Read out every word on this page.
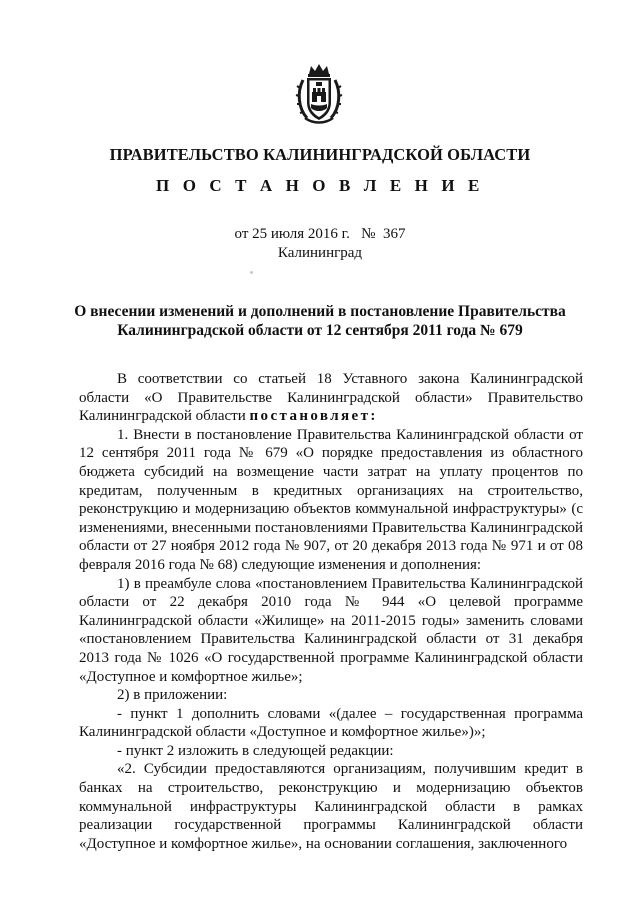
ПРАВИТЕЛЬСТВО КАЛИНИНГРАДСКОЙ ОБЛАСТИ
П О С Т А Н О В Л Е Н И Е
от 25 июля 2016 г. № 367
Калининград
О внесении изменений и дополнений в постановление Правительства Калининградской области от 12 сентября 2011 года № 679

В соответствии со статьей 18 Уставного закона Калининградской области «О Правительстве Калининградской области» Правительство Калининградской области постановляет:

1. Внести в постановление Правительства Калининградской области от 12 сентября 2011 года № 679 «О порядке предоставления из областного бюджета субсидий на возмещение части затрат на уплату процентов по кредитам, полученным в кредитных организациях на строительство, реконструкцию и модернизацию объектов коммунальной инфраструктуры» (с изменениями, внесенными постановлениями Правительства Калининградской области от 27 ноября 2012 года № 907, от 20 декабря 2013 года № 971 и от 08 февраля 2016 года № 68) следующие изменения и дополнения:

1) в преамбуле слова «постановлением Правительства Калининградской области от 22 декабря 2010 года № 944 «О целевой программе Калининградской области «Жилище» на 2011-2015 годы» заменить словами «постановлением Правительства Калининградской области от 31 декабря 2013 года № 1026 «О государственной программе Калининградской области «Доступное и комфортное жилье»;

2) в приложении:

- пункт 1 дополнить словами «(далее – государственная программа Калининградской области «Доступное и комфортное жилье»)»;

- пункт 2 изложить в следующей редакции:

«2. Субсидии предоставляются организациям, получившим кредит в банках на строительство, реконструкцию и модернизацию объектов коммунальной инфраструктуры Калининградской области в рамках реализации государственной программы Калининградской области «Доступное и комфортное жилье», на основании соглашения, заключенного
